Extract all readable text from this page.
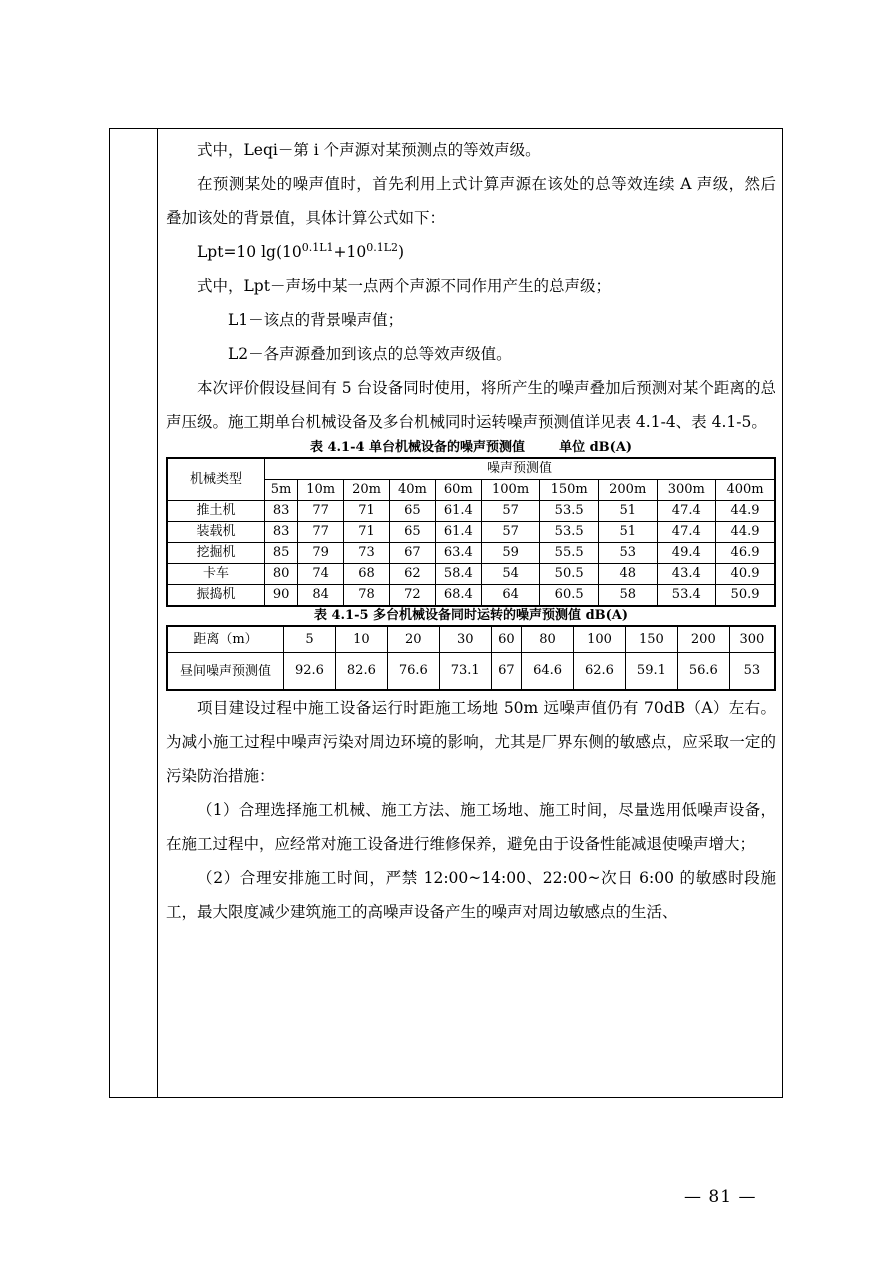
式中，Leqi－第 i 个声源对某预测点的等效声级。

在预测某处的噪声值时，首先利用上式计算声源在该处的总等效连续 A 声级，然后叠加该处的背景值，具体计算公式如下：

Lpt=10 $\lg(10^{0.1L1}+10^{0.1L2})$

式中，Lpt－声场中某一点两个声源不同作用产生的总声级；

L1－该点的背景噪声值；

L2－各声源叠加到该点的总等效声级值。

本次评价假设昼间有 5 台设备同时使用，将所产生的噪声叠加后预测对某个距离的总声压级。施工期单台机械设备及多台机械同时运转噪声预测值详见表 4.1-4、表 4.1-5。

表 4.1-4 单台机械设备的噪声预测值	单位 dB(A)
机械类型	噪声预测值									
	5m	10m	20m	40m	60m	100m	150m	200m	300m	400m
推土机	83	77	71	65	61.4	57	53.5	51	47.4	44.9
装载机	83	77	71	65	61.4	57	53.5	51	47.4	44.9
挖掘机	85	79	73	67	63.4	59	55.5	53	49.4	46.9
卡车	80	74	68	62	58.4	54	50.5	48	43.4	40.9
振捣机	90	84	78	72	68.4	64	60.5	58	53.4	50.9
表 4.1-5 多台机械设备同时运转的噪声预测值 dB(A)
距离（m）	5	10	20	30	60	80	100	150	200	300
昼间噪声预测值	92.6	82.6	76.6	73.1	67	64.6	62.6	59.1	56.6	53

项目建设过程中施工设备运行时距施工场地 50m 远噪声值仍有 70dB（A）左右。为减小施工过程中噪声污染对周边环境的影响，尤其是厂界东侧的敏感点，应采取一定的污染防治措施：

（1）合理选择施工机械、施工方法、施工场地、施工时间，尽量选用低噪声设备，在施工过程中，应经常对施工设备进行维修保养，避免由于设备性能减退使噪声增大；

（2）合理安排施工时间，严禁 12:00~14:00、22:00~次日 6:00 的敏感时段施工，最大限度减少建筑施工的高噪声设备产生的噪声对周边敏感点的生活、

— 81 —
